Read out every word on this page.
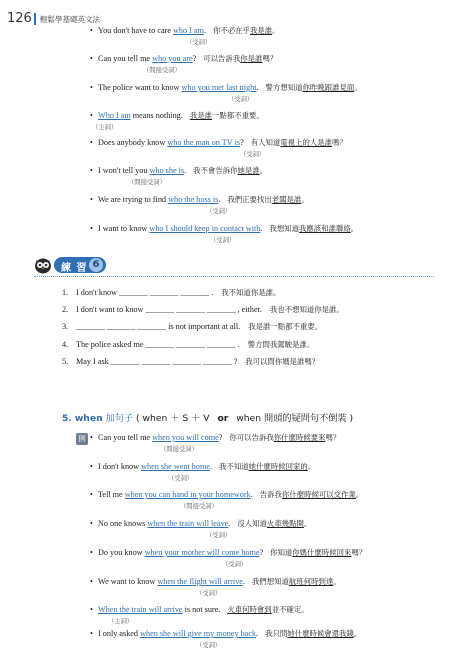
126 輕鬆學基礎英文法
• You don't have to care who I am. 你不必在乎我是誰。
（受詞）
• Can you tell me who you are? 可以告訴我你是誰嗎？
（間接受詞）
• The police want to know who you met last night. 警方想知道你昨晚跟誰見面。
（受詞）
• Who I am means nothing. 我是誰一點都不重要。
（主詞）
• Does anybody know who the man on TV is? 有人知道電視上的人是誰嗎？
（受詞）
• I won't tell you who she is. 我不會告訴你她是誰。
（間接受詞）
• We are trying to find who the boss is. 我們正要找出老闆是誰。
（受詞）
• I want to know who I should keep in contact with. 我想知道我應該和誰聯絡。
（受詞）
練 習 6
1. I don't know _______ _______ _______ . 我不知道你是誰。
2. I don't want to know _______ _______ _______ , either. 我也不想知道你是誰。
3. _______ _______ _______ is not important at all. 我是誰一點都不重要。
4. The police asked me _______ _______ _______ . 警方問我駕駛是誰。
5. May I ask _______ _______ _______ _______ ? 我可以問你媽是誰嗎？
5. when 加句子 ( when ＋ S ＋ V or when 開頭的疑問句不倒裝 )
例 • Can you tell me when you will come? 你可以告訴我你什麼時候要來嗎？
（間接受詞）
• I don't know when she went home. 我不知道她什麼時候回家的。
（受詞）
• Tell me when you can hand in your homework. 告訴我你什麼時候可以交作業。
（間接受詞）
• No one knows when the train will leave. 沒人知道火車幾點開。
（受詞）
• Do you know when your mother will come home? 你知道你媽什麼時候回來嗎？
（受詞）
• We want to know when the flight will arrive. 我們想知道航班何時到達。
（受詞）
• When the train will arrive is not sure. 火車何時會到並不確定。
（主詞）
• I only asked when she will give my money back. 我只問她什麼時候會還我錢。
（受詞）
